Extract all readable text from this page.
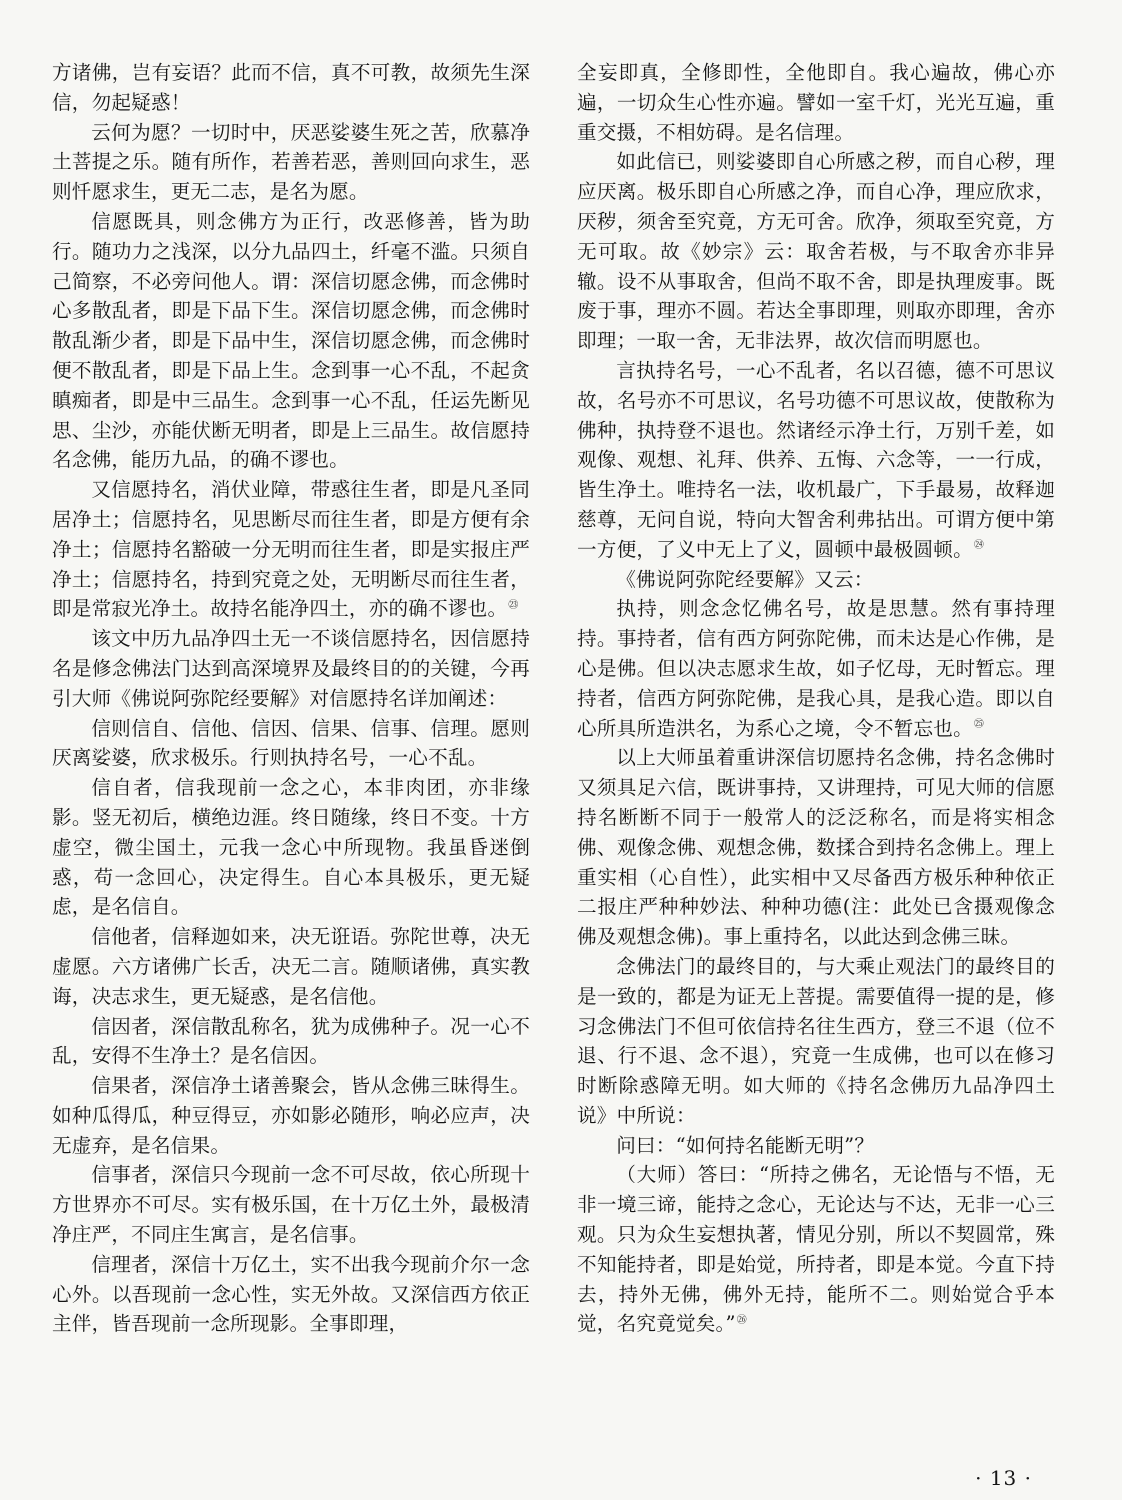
方诸佛，岂有妄语？此而不信，真不可教，故须先生深信，勿起疑惑！

云何为愿？一切时中，厌恶娑婆生死之苦，欣慕净土菩提之乐。随有所作，若善若恶，善则回向求生，恶则忏愿求生，更无二志，是名为愿。

信愿既具，则念佛方为正行，改恶修善，皆为助行。随功力之浅深，以分九品四土，纤毫不滥。只须自己简察，不必旁问他人。谓：深信切愿念佛，而念佛时心多散乱者，即是下品下生。深信切愿念佛，而念佛时散乱渐少者，即是下品中生，深信切愿念佛，而念佛时便不散乱者，即是下品上生。念到事一心不乱，不起贪瞋痴者，即是中三品生。念到事一心不乱，任运先断见思、尘沙，亦能伏断无明者，即是上三品生。故信愿持名念佛，能历九品，的确不谬也。

又信愿持名，消伏业障，带惑往生者，即是凡圣同居净土；信愿持名，见思断尽而往生者，即是方便有余净土；信愿持名豁破一分无明而往生者，即是实报庄严净土；信愿持名，持到究竟之处，无明断尽而往生者，即是常寂光净土。故持名能净四土，亦的确不谬也。$^㉓$

该文中历九品净四土无一不谈信愿持名，因信愿持名是修念佛法门达到高深境界及最终目的的关键，今再引大师《佛说阿弥陀经要解》对信愿持名详加阐述：

信则信自、信他、信因、信果、信事、信理。愿则厌离娑婆，欣求极乐。行则执持名号，一心不乱。

信自者，信我现前一念之心，本非肉团，亦非缘影。竖无初后，横绝边涯。终日随缘，终日不变。十方虚空，微尘国土，元我一念心中所现物。我虽昏迷倒惑，苟一念回心，决定得生。自心本具极乐，更无疑虑，是名信自。

信他者，信释迦如来，决无诳语。弥陀世尊，决无虚愿。六方诸佛广长舌，决无二言。随顺诸佛，真实教诲，决志求生，更无疑惑，是名信他。

信因者，深信散乱称名，犹为成佛种子。况一心不乱，安得不生净土？是名信因。

信果者，深信净土诸善聚会，皆从念佛三昧得生。如种瓜得瓜，种豆得豆，亦如影必随形，响必应声，决无虚弃，是名信果。

信事者，深信只今现前一念不可尽故，依心所现十方世界亦不可尽。实有极乐国，在十万亿土外，最极清净庄严，不同庄生寓言，是名信事。

信理者，深信十万亿土，实不出我今现前介尔一念心外。以吾现前一念心性，实无外故。又深信西方依正主伴，皆吾现前一念所现影。全事即理，

全妄即真，全修即性，全他即自。我心遍故，佛心亦遍，一切众生心性亦遍。譬如一室千灯，光光互遍，重重交摄，不相妨碍。是名信理。

如此信已，则娑婆即自心所感之秽，而自心秽，理应厌离。极乐即自心所感之净，而自心净，理应欣求，厌秽，须舍至究竟，方无可舍。欣净，须取至究竟，方无可取。故《妙宗》云：取舍若极，与不取舍亦非异辙。设不从事取舍，但尚不取不舍，即是执理废事。既废于事，理亦不圆。若达全事即理，则取亦即理，舍亦即理；一取一舍，无非法界，故次信而明愿也。

言执持名号，一心不乱者，名以召德，德不可思议故，名号亦不可思议，名号功德不可思议故，使散称为佛种，执持登不退也。然诸经示净土行，万别千差，如观像、观想、礼拜、供养、五悔、六念等，一一行成，皆生净土。唯持名一法，收机最广，下手最易，故释迦慈尊，无问自说，特向大智舍利弗拈出。可谓方便中第一方便，了义中无上了义，圆顿中最极圆顿。$^㉔$

《佛说阿弥陀经要解》又云：

执持，则念念忆佛名号，故是思慧。然有事持理持。事持者，信有西方阿弥陀佛，而未达是心作佛，是心是佛。但以决志愿求生故，如子忆母，无时暂忘。理持者，信西方阿弥陀佛，是我心具，是我心造。即以自心所具所造洪名，为系心之境，令不暂忘也。$^㉕$

以上大师虽着重讲深信切愿持名念佛，持名念佛时又须具足六信，既讲事持，又讲理持，可见大师的信愿持名断断不同于一般常人的泛泛称名，而是将实相念佛、观像念佛、观想念佛，数揉合到持名念佛上。理上重实相（心自性），此实相中又尽备西方极乐种种依正二报庄严种种妙法、种种功德(注：此处已含摄观像念佛及观想念佛)。事上重持名，以此达到念佛三昧。

念佛法门的最终目的，与大乘止观法门的最终目的是一致的，都是为证无上菩提。需要值得一提的是，修习念佛法门不但可依信持名往生西方，登三不退（位不退、行不退、念不退），究竟一生成佛，也可以在修习时断除惑障无明。如大师的《持名念佛历九品净四土说》中所说：

问曰：“如何持名能断无明”？

（大师）答曰：“所持之佛名，无论悟与不悟，无非一境三谛，能持之念心，无论达与不达，无非一心三观。只为众生妄想执著，情见分别，所以不契圆常，殊不知能持者，即是始觉，所持者，即是本觉。今直下持去，持外无佛，佛外无持，能所不二。则始觉合乎本觉，名究竟觉矣。”$^㉖$

· 13 ·
